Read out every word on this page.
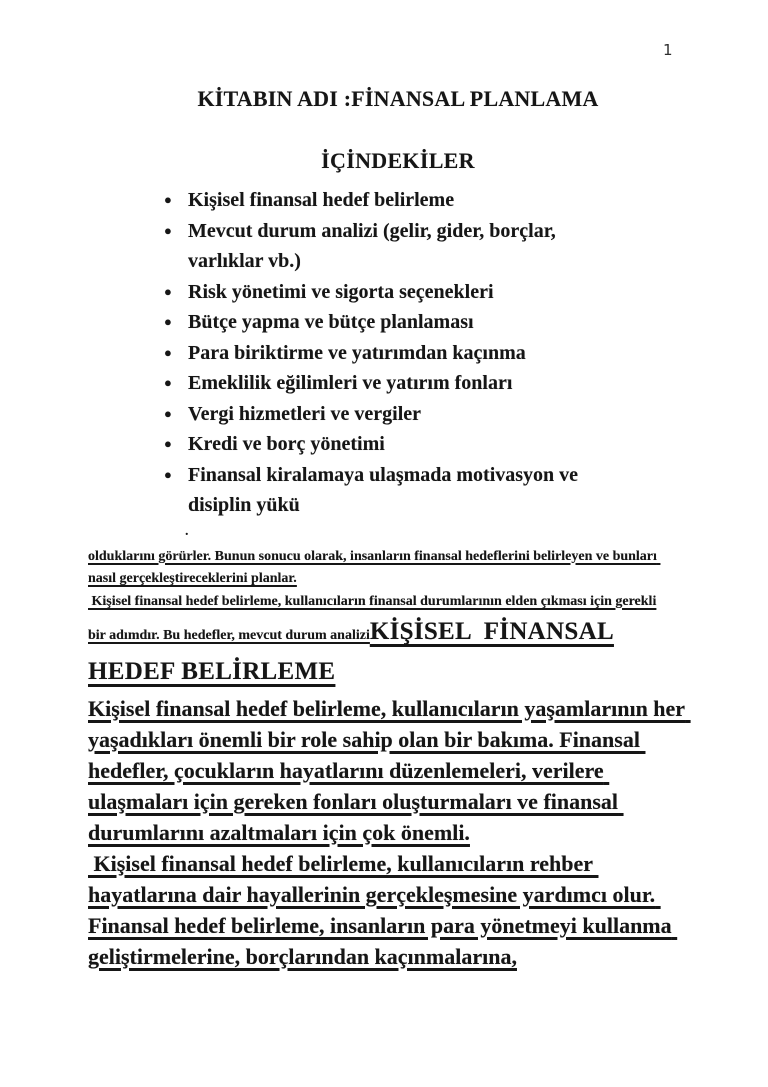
1
KİTABIN ADI :FİNANSAL PLANLAMA
İÇİNDEKİLER
● Kişisel finansal hedef belirleme
● Mevcut durum analizi (gelir, gider, borçlar, varlıklar vb.)
● Risk yönetimi ve sigorta seçenekleri
● Bütçe yapma ve bütçe planlaması
● Para biriktirme ve yatırımdan kaçınma
● Emeklilik eğilimleri ve yatırım fonları
● Vergi hizmetleri ve vergiler
● Kredi ve borç yönetimi
● Finansal kiralamaya ulaşmada motivasyon ve disiplin yükü
.
olduklarını görürler. Bunun sonucu olarak, insanların finansal hedeflerini belirleyen ve bunları nasıl gerçekleştireceklerini planlar.
Kişisel finansal hedef belirleme, kullanıcıların finansal durumlarının elden çıkması için gerekli
bir adımdır. Bu hedefler, mevcut durum analiziKİŞİSEL  FİNANSAL
HEDEF BELİRLEME
Kişisel finansal hedef belirleme, kullanıcıların yaşamlarının her yaşadıkları önemli bir role sahip olan bir bakıma. Finansal hedefler, çocukların hayatlarını düzenlemeleri, verilere ulaşmaları için gereken fonları oluşturmaları ve finansal durumlarını azaltmaları için çok önemli.
Kişisel finansal hedef belirleme, kullanıcıların rehber hayatlarına dair hayallerinin gerçekleşmesine yardımcı olur. Finansal hedef belirleme, insanların para yönetmeyi kullanma geliştirmelerine, borçlarından kaçınmalarına,
